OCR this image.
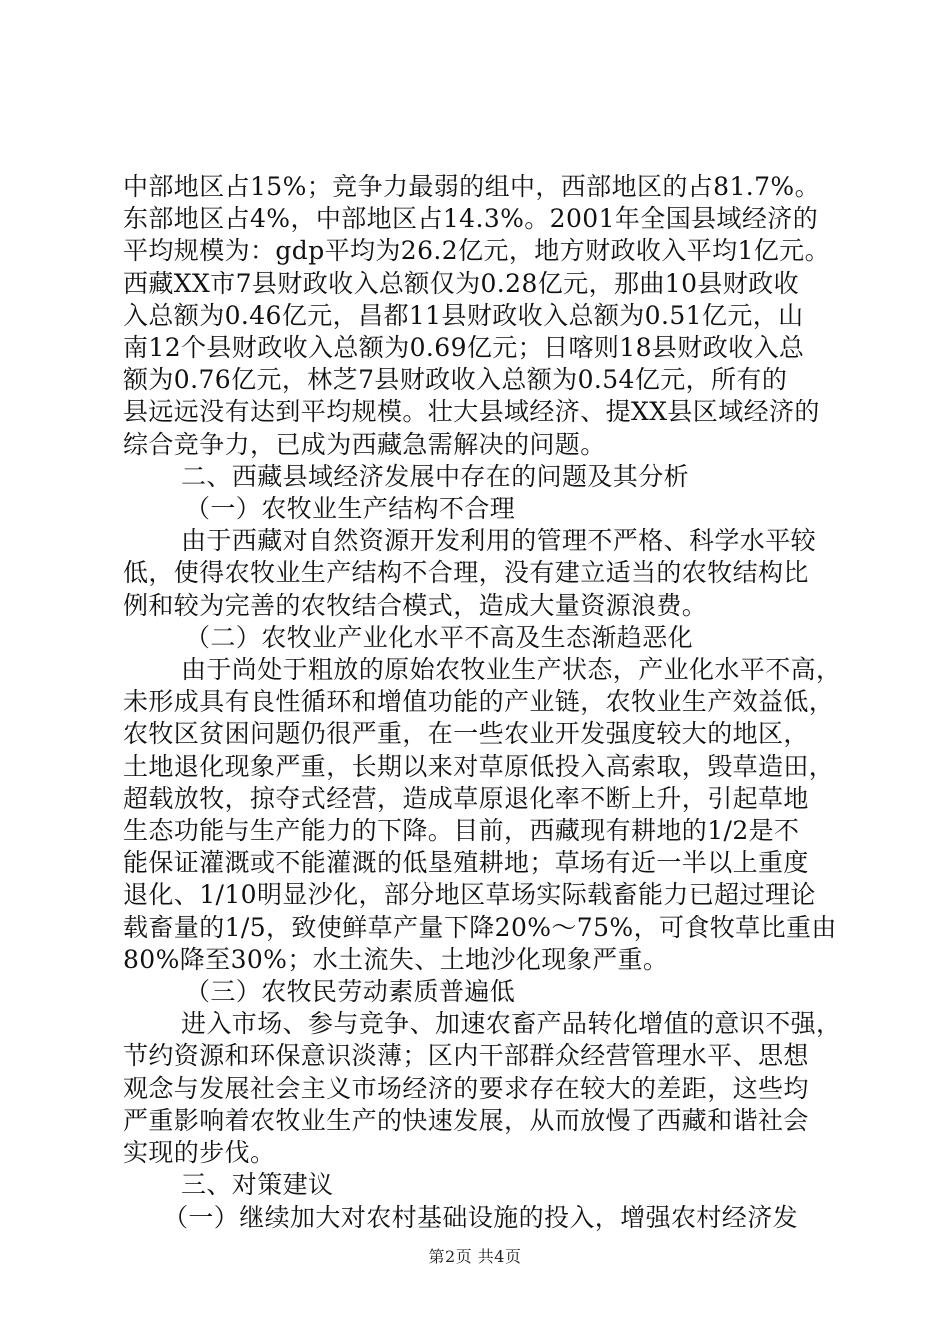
中部地区占15%；竞争力最弱的组中，西部地区的占81.7%。

东部地区占4%，中部地区占14.3%。2001年全国县域经济的

平均规模为：gdp平均为26.2亿元，地方财政收入平均1亿元。

西藏XX市7县财政收入总额仅为0.28亿元，那曲10县财政收

入总额为0.46亿元，昌都11县财政收入总额为0.51亿元，山

南12个县财政收入总额为0.69亿元；日喀则18县财政收入总

额为0.76亿元，林芝7县财政收入总额为0.54亿元，所有的

县远远没有达到平均规模。壮大县域经济、提XX县区域经济的

综合竞争力，已成为西藏急需解决的问题。

二、西藏县域经济发展中存在的问题及其分析

（一）农牧业生产结构不合理

由于西藏对自然资源开发利用的管理不严格、科学水平较

低，使得农牧业生产结构不合理，没有建立适当的农牧结构比

例和较为完善的农牧结合模式，造成大量资源浪费。

（二）农牧业产业化水平不高及生态渐趋恶化

由于尚处于粗放的原始农牧业生产状态，产业化水平不高，

未形成具有良性循环和增值功能的产业链，农牧业生产效益低，

农牧区贫困问题仍很严重，在一些农业开发强度较大的地区，

土地退化现象严重，长期以来对草原低投入高索取，毁草造田，

超载放牧，掠夺式经营，造成草原退化率不断上升，引起草地

生态功能与生产能力的下降。目前，西藏现有耕地的1/2是不

能保证灌溉或不能灌溉的低垦殖耕地；草场有近一半以上重度

退化、1/10明显沙化，部分地区草场实际载畜能力已超过理论

载畜量的1/5，致使鲜草产量下降20%～75%，可食牧草比重由

80%降至30%；水土流失、土地沙化现象严重。

（三）农牧民劳动素质普遍低

进入市场、参与竞争、加速农畜产品转化增值的意识不强，

节约资源和环保意识淡薄；区内干部群众经营管理水平、思想

观念与发展社会主义市场经济的要求存在较大的差距，这些均

严重影响着农牧业生产的快速发展，从而放慢了西藏和谐社会

实现的步伐。

三、对策建议

（一）继续加大对农村基础设施的投入，增强农村经济发

第2页 共4页
